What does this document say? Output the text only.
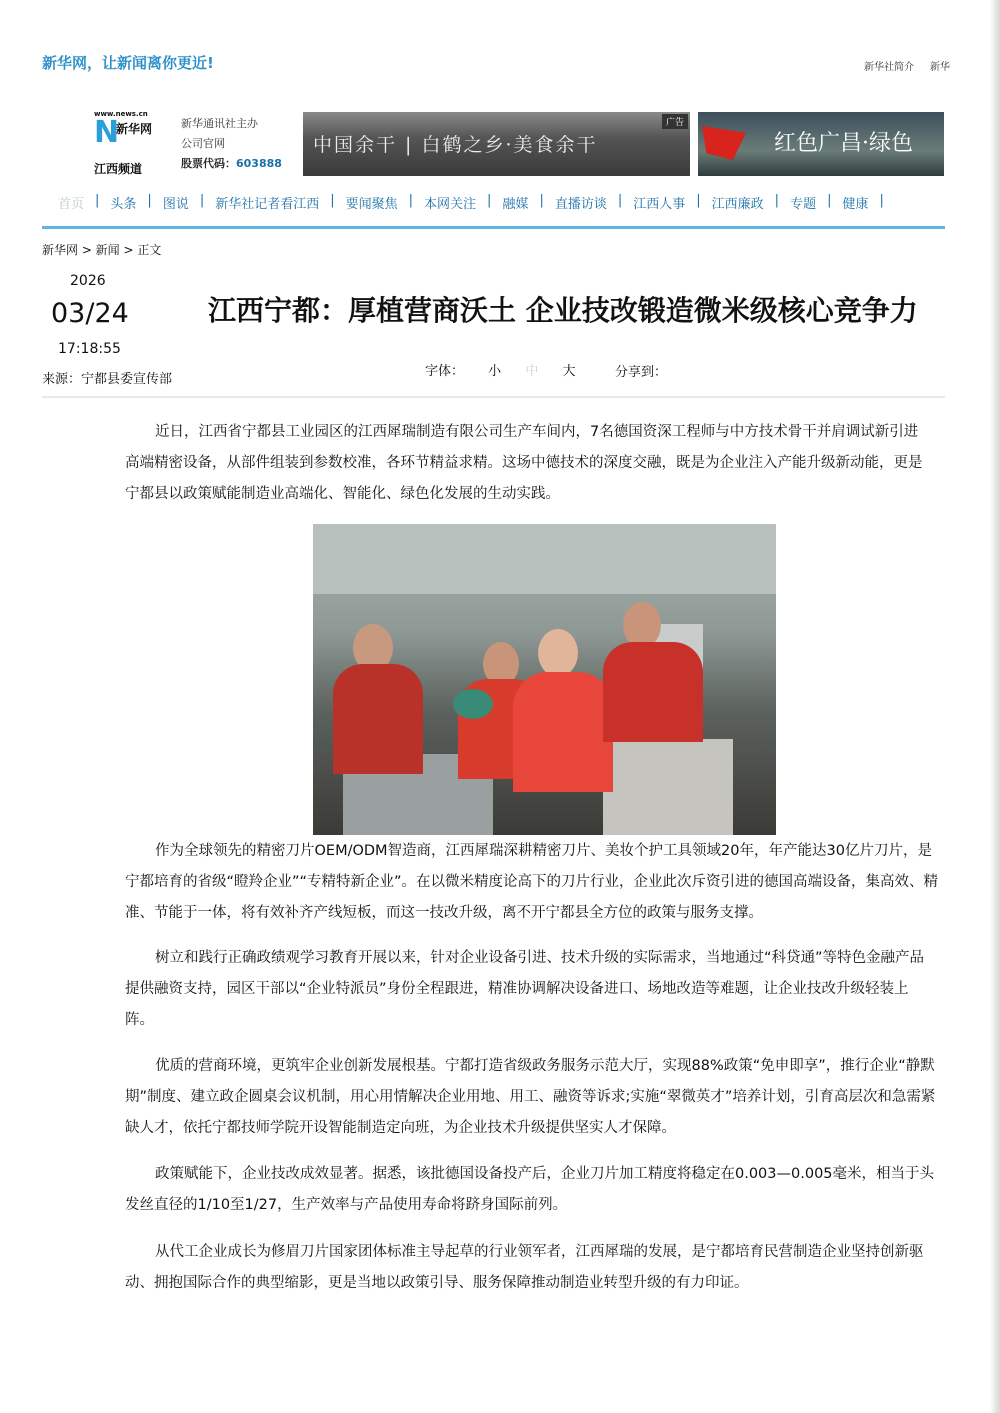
新华网，让新闻离你更近!	新华社简介 新华
www.news.cn
N
新华网
江西频道
新华通讯社主办
公司官网
股票代码：603888
中国余干 | 白鹤之乡·美食余干
广告
红色广昌·绿色
首页 | 头条 | 图说 | 新华社记者看江西 | 要闻聚焦 | 本网关注 | 融媒 | 直播访谈 | 江西人事 | 江西廉政 | 专题 | 健康 |
新华网 > 新闻 > 正文
2026
03/24
17:18:55
来源：宁都县委宣传部
江西宁都：厚植营商沃土 企业技改锻造微米级核心竞争力
字体： 小 中 大	分享到：
近日，江西省宁都县工业园区的江西犀瑞制造有限公司生产车间内，7名德国资深工程师与中方技术骨干并肩调试新引进
高端精密设备，从部件组装到参数校准，各环节精益求精。这场中德技术的深度交融，既是为企业注入产能升级新动能，更是
宁都县以政策赋能制造业高端化、智能化、绿色化发展的生动实践。
作为全球领先的精密刀片OEM/ODM智造商，江西犀瑞深耕精密刀片、美妆个护工具领域20年，年产能达30亿片刀片，是
宁都培育的省级“瞪羚企业”“专精特新企业”。在以微米精度论高下的刀片行业，企业此次斥资引进的德国高端设备，集高效、精
准、节能于一体，将有效补齐产线短板，而这一技改升级，离不开宁都县全方位的政策与服务支撑。
树立和践行正确政绩观学习教育开展以来，针对企业设备引进、技术升级的实际需求，当地通过“科贷通”等特色金融产品
提供融资支持，园区干部以“企业特派员”身份全程跟进，精准协调解决设备进口、场地改造等难题，让企业技改升级轻装上
阵。
优质的营商环境，更筑牢企业创新发展根基。宁都打造省级政务服务示范大厅，实现88%政策“免申即享”，推行企业“静默
期”制度、建立政企圆桌会议机制，用心用情解决企业用地、用工、融资等诉求;实施“翠微英才”培养计划，引育高层次和急需紧
缺人才，依托宁都技师学院开设智能制造定向班，为企业技术升级提供坚实人才保障。
政策赋能下，企业技改成效显著。据悉，该批德国设备投产后，企业刀片加工精度将稳定在0.003—0.005毫米，相当于头
发丝直径的1/10至1/27，生产效率与产品使用寿命将跻身国际前列。
从代工企业成长为修眉刀片国家团体标准主导起草的行业领军者，江西犀瑞的发展，是宁都培育民营制造企业坚持创新驱
动、拥抱国际合作的典型缩影，更是当地以政策引导、服务保障推动制造业转型升级的有力印证。
